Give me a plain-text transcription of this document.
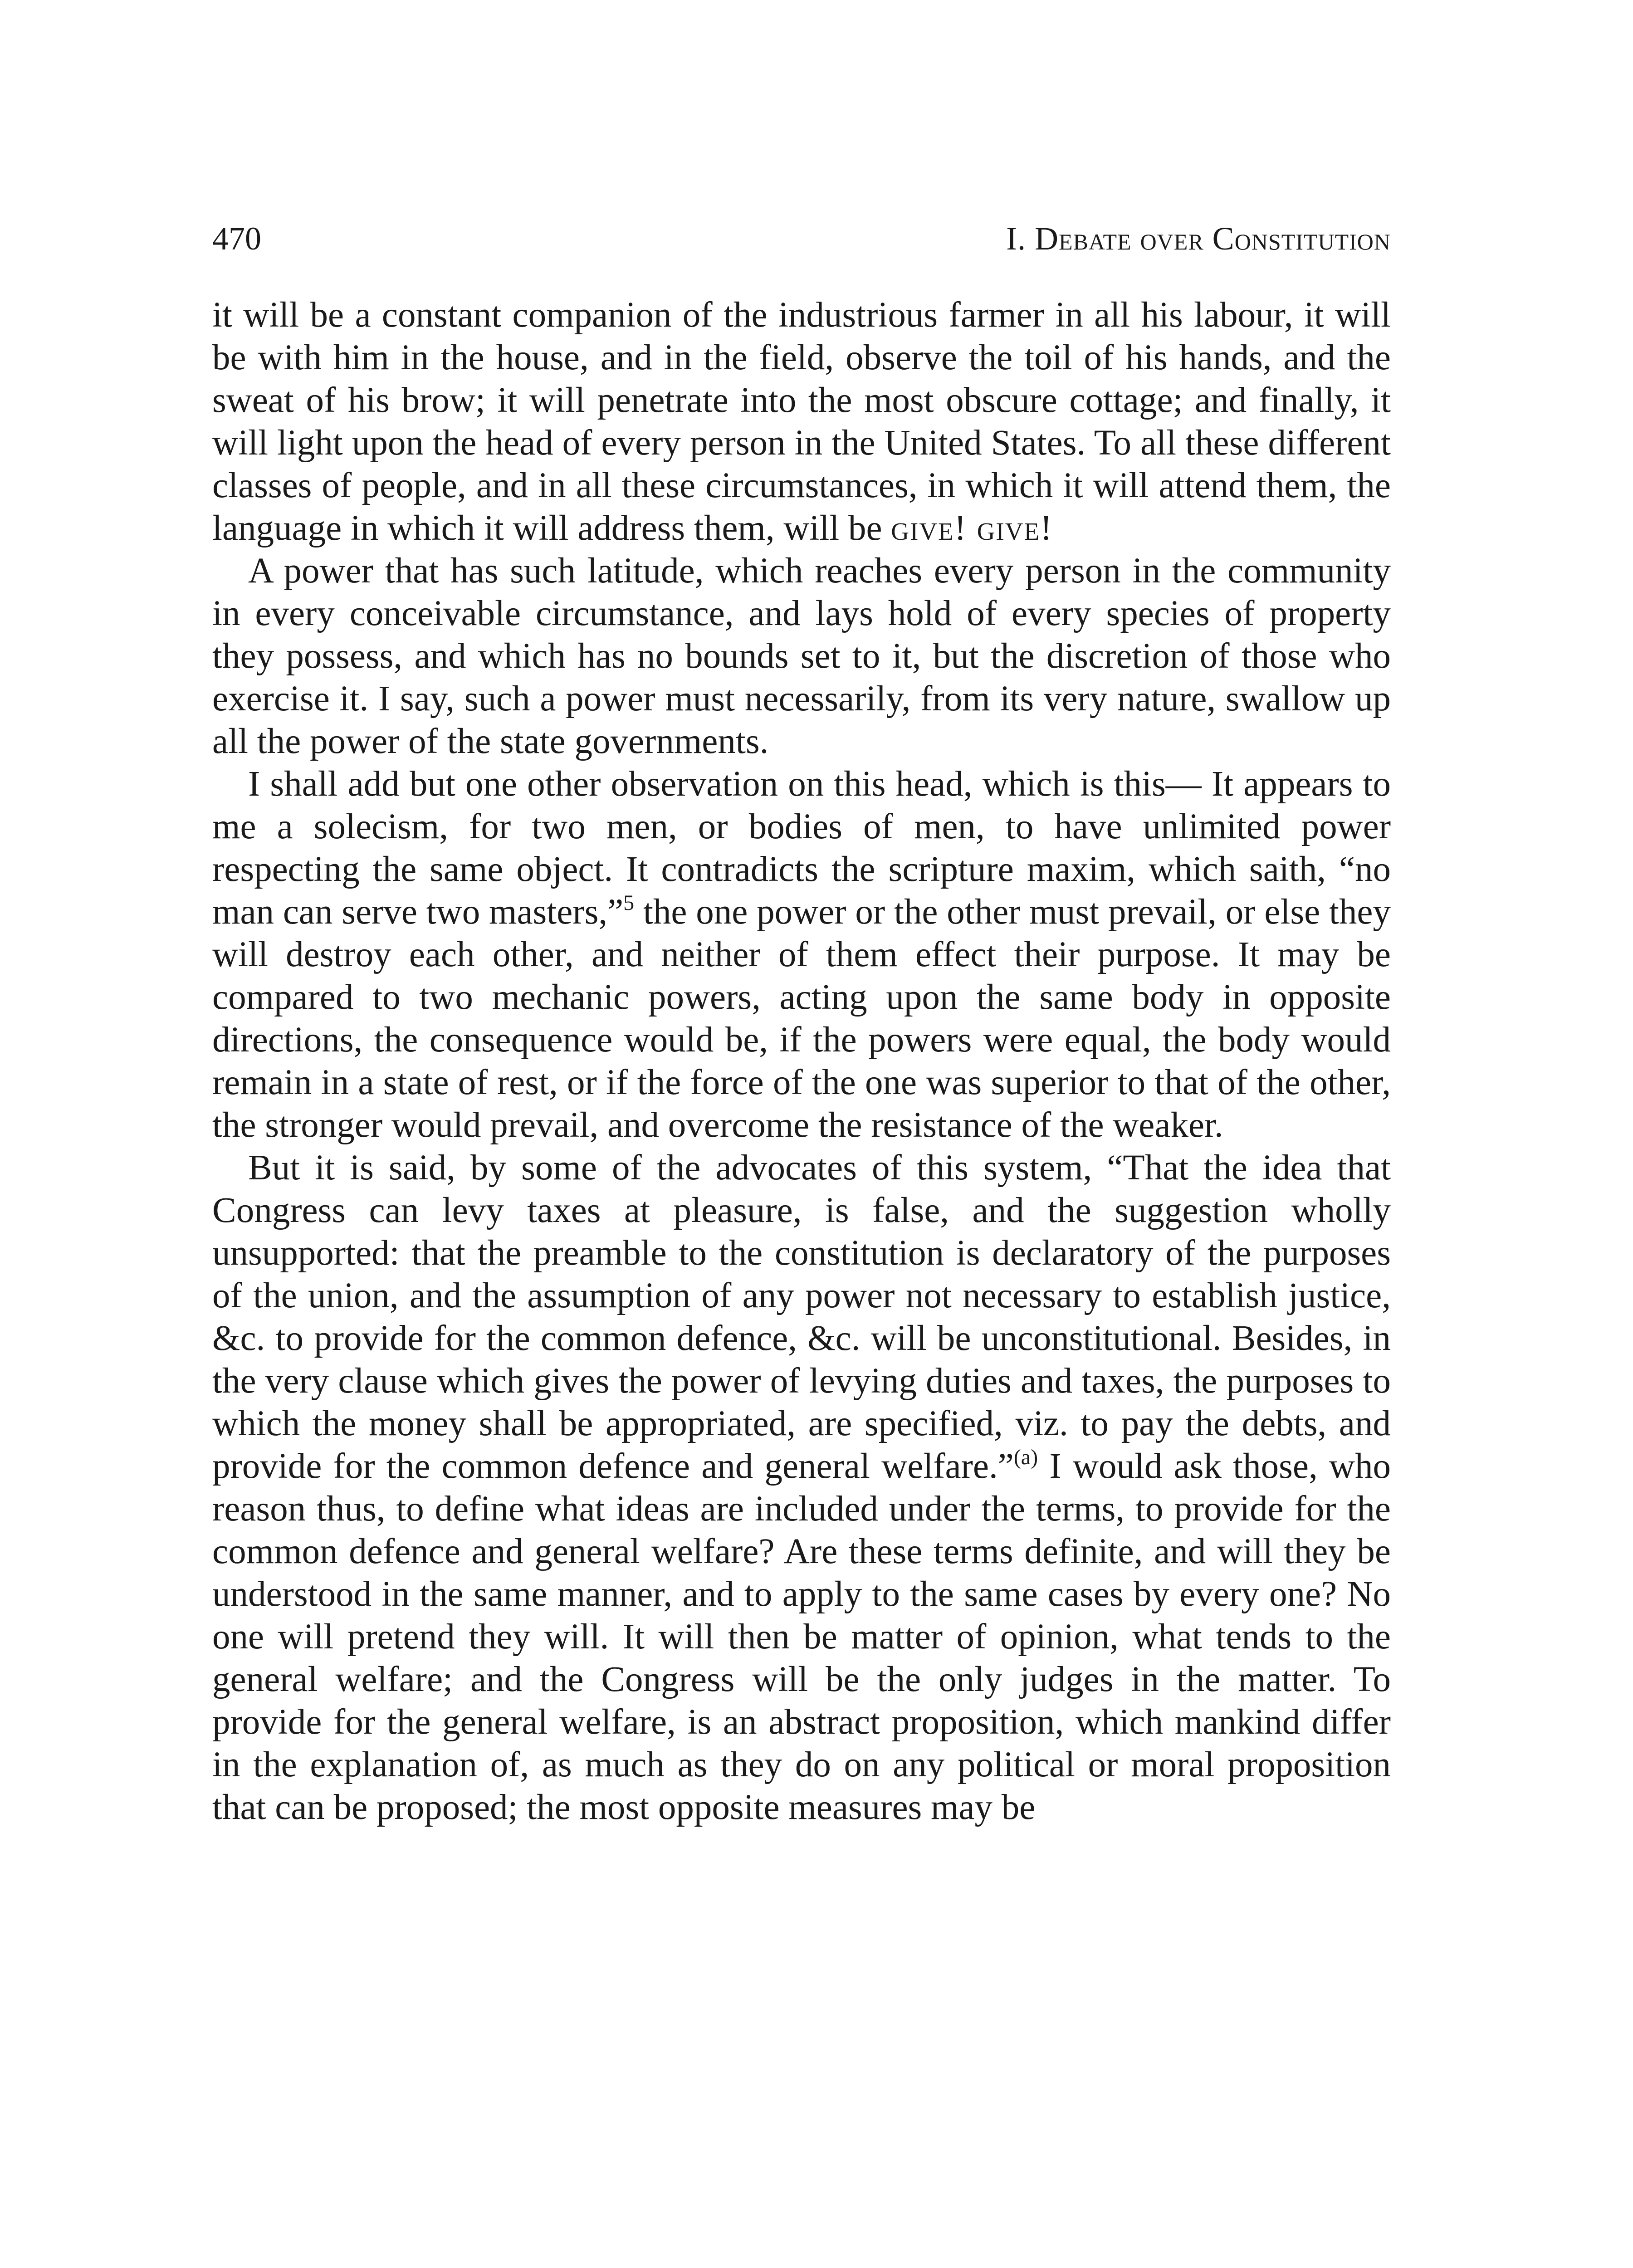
470	I. Debate over Constitution

it will be a constant companion of the industrious farmer in all his labour, it will be with him in the house, and in the field, observe the toil of his hands, and the sweat of his brow; it will penetrate into the most obscure cottage; and finally, it will light upon the head of every person in the United States. To all these different classes of people, and in all these circumstances, in which it will attend them, the language in which it will address them, will be give! give!

A power that has such latitude, which reaches every person in the community in every conceivable circumstance, and lays hold of every species of property they possess, and which has no bounds set to it, but the discretion of those who exercise it. I say, such a power must necessarily, from its very nature, swallow up all the power of the state governments.

I shall add but one other observation on this head, which is this— It appears to me a solecism, for two men, or bodies of men, to have unlimited power respecting the same object. It contradicts the scripture maxim, which saith, “no man can serve two masters,”$^5$ the one power or the other must prevail, or else they will destroy each other, and neither of them effect their purpose. It may be compared to two mechanic powers, acting upon the same body in opposite directions, the consequence would be, if the powers were equal, the body would remain in a state of rest, or if the force of the one was superior to that of the other, the stronger would prevail, and overcome the resistance of the weaker.

But it is said, by some of the advocates of this system, “That the idea that Congress can levy taxes at pleasure, is false, and the suggestion wholly unsupported: that the preamble to the constitution is declaratory of the purposes of the union, and the assumption of any power not necessary to establish justice, &c. to provide for the common defence, &c. will be unconstitutional. Besides, in the very clause which gives the power of levying duties and taxes, the purposes to which the money shall be appropriated, are specified, viz. to pay the debts, and provide for the common defence and general welfare.”$^{(a)}$ I would ask those, who reason thus, to define what ideas are included under the terms, to provide for the common defence and general welfare? Are these terms definite, and will they be understood in the same manner, and to apply to the same cases by every one? No one will pretend they will. It will then be matter of opinion, what tends to the general welfare; and the Congress will be the only judges in the matter. To provide for the general welfare, is an abstract proposition, which mankind differ in the explanation of, as much as they do on any political or moral proposition that can be proposed; the most opposite measures may be
